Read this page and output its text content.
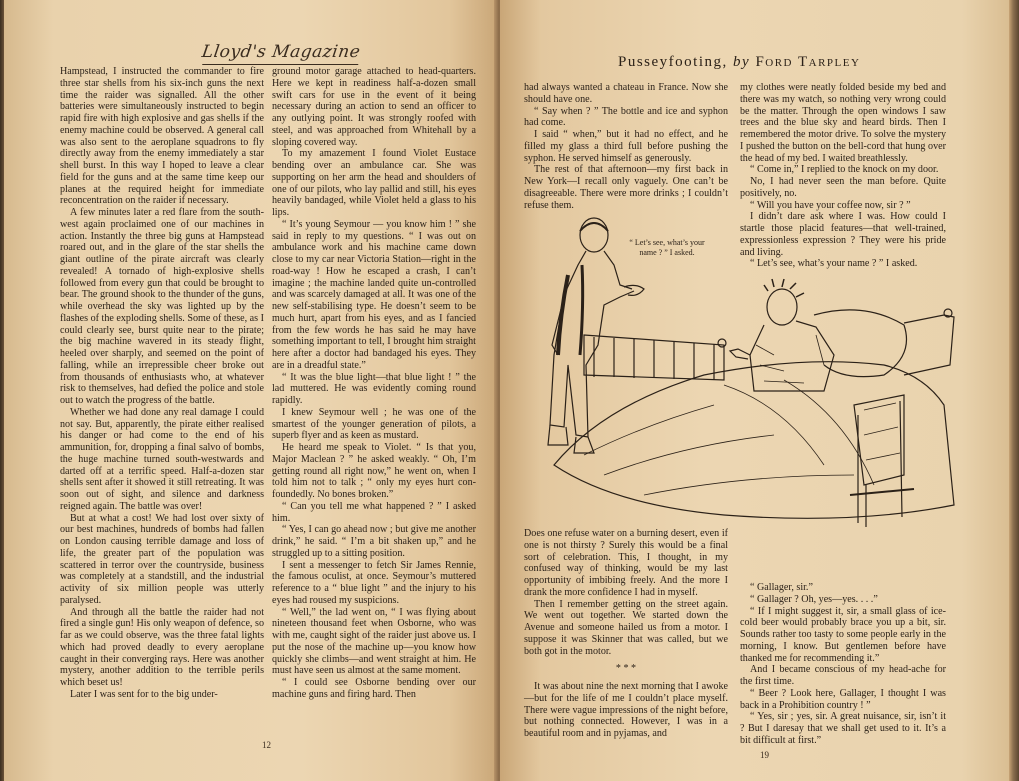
Lloyd's Magazine

Hampstead, I instructed the commander to fire three star shells from his six-inch guns the next time the raider was signalled. All the other batteries were simultaneously instructed to begin rapid fire with high explosive and gas shells if the enemy machine could be observed. A general call was also sent to the aeroplane squadrons to fly directly away from the enemy immediately a star shell burst. In this way I hoped to leave a clear field for the guns and at the same time keep our planes at the required height for immediate reconcentration on the raider if necessary.

A few minutes later a red flare from the south-west again proclaimed one of our machines in action. Instantly the three big guns at Hampstead roared out, and in the glare of the star shells the giant outline of the pirate aircraft was clearly revealed! A tornado of high-explosive shells followed from every gun that could be brought to bear. The ground shook to the thunder of the guns, while overhead the sky was lighted up by the flashes of the exploding shells. Some of these, as I could clearly see, burst quite near to the pirate; the big machine wavered in its steady flight, heeled over sharply, and seemed on the point of falling, while an irrepressible cheer broke out from thousands of enthusiasts who, at whatever risk to themselves, had defied the police and stole out to watch the progress of the battle.

Whether we had done any real damage I could not say. But, apparently, the pirate either realised his danger or had come to the end of his ammunition, for, dropping a final salvo of bombs, the huge machine turned south-westwards and darted off at a terrific speed. Half-a-dozen star shells sent after it showed it still retreating. It was soon out of sight, and silence and darkness reigned again. The battle was over!

But at what a cost! We had lost over sixty of our best machines, hundreds of bombs had fallen on London causing terrible damage and loss of life, the greater part of the population was scattered in terror over the countryside, business was completely at a standstill, and the industrial activity of six million people was utterly paralysed.

And through all the battle the raider had not fired a single gun! His only weapon of defence, so far as we could observe, was the three fatal lights which had proved deadly to every aeroplane caught in their converging rays. Here was another mystery, another addition to the terrible perils which beset us!

Later I was sent for to the big under-

ground motor garage attached to head-quarters. Here we kept in readiness half-a-dozen small swift cars for use in the event of it being necessary during an action to send an officer to any outlying point. It was strongly roofed with steel, and was approached from Whitehall by a sloping covered way.

To my amazement I found Violet Eustace bending over an ambulance car. She was supporting on her arm the head and shoulders of one of our pilots, who lay pallid and still, his eyes heavily bandaged, while Violet held a glass to his lips.

“ It’s young Seymour — you know him ! ” she said in reply to my questions. “ I was out on ambulance work and his machine came down close to my car near Victoria Station—right in the road-way ! How he escaped a crash, I can’t imagine ; the machine landed quite un-controlled and was scarcely damaged at all. It was one of the new self-stabilising type. He doesn’t seem to be much hurt, apart from his eyes, and as I fancied from the few words he has said he may have something important to tell, I brought him straight here after a doctor had bandaged his eyes. They are in a dreadful state.”

“ It was the blue light—that blue light ! ” the lad muttered. He was evidently coming round rapidly.

I knew Seymour well ; he was one of the smartest of the younger generation of pilots, a superb flyer and as keen as mustard.

He heard me speak to Violet. “ Is that you, Major Maclean ? ” he asked weakly. “ Oh, I’m getting round all right now,” he went on, when I told him not to talk ; “ only my eyes hurt con-foundedly. No bones broken.”

“ Can you tell me what happened ? ” I asked him.

“ Yes, I can go ahead now ; but give me another drink,” he said. “ I’m a bit shaken up,” and he struggled up to a sitting position.

I sent a messenger to fetch Sir James Rennie, the famous oculist, at once. Seymour’s muttered reference to a “ blue light ” and the injury to his eyes had roused my suspicions.

“ Well,” the lad went on, “ I was flying about nineteen thousand feet when Osborne, who was with me, caught sight of the raider just above us. I put the nose of the machine up—you know how quickly she climbs—and went straight at him. He must have seen us almost at the same moment.

“ I could see Osborne bending over our machine guns and firing hard. Then

12
Pusseyfooting, by Ford Tarpley

had always wanted a chateau in France. Now she should have one.

“ Say when ? ” The bottle and ice and syphon had come.

I said “ when,” but it had no effect, and he filled my glass a third full before pushing the syphon. He served himself as generously.

The rest of that afternoon—my first back in New York—I recall only vaguely. One can’t be disagreeable. There were more drinks ; I couldn’t refuse them.

my clothes were neatly folded beside my bed and there was my watch, so nothing very wrong could be the matter. Through the open windows I saw trees and the blue sky and heard birds. Then I remembered the motor drive. To solve the mystery I pushed the button on the bell-cord that hung over the head of my bed. I waited breathlessly.

“ Come in,” I replied to the knock on my door.

No, I had never seen the man before. Quite positively, no.

“ Will you have your coffee now, sir ? ”

I didn’t dare ask where I was. How could I startle those placid features—that well-trained, expressionless expression ? They were his pride and living.

“ Let’s see, what’s your name ? ” I asked.

“ Let’s see, what’s your name ? ” I asked.

Does one refuse water on a burning desert, even if one is not thirsty ? Surely this would be a final sort of celebration. This, I thought, in my confused way of thinking, would be my last opportunity of imbibing freely. And the more I drank the more confidence I had in myself.

Then I remember getting on the street again. We went out together. We started down the Avenue and someone hailed us from a motor. I suppose it was Skinner that was called, but we both got in the motor.

* * *

It was about nine the next morning that I awoke—but for the life of me I couldn’t place myself. There were vague impressions of the night before, but nothing connected. However, I was in a beautiful room and in pyjamas, and

“ Gallager, sir.”

“ Gallager ? Oh, yes—yes. . . .”

“ If I might suggest it, sir, a small glass of ice-cold beer would probably brace you up a bit, sir. Sounds rather too tasty to some people early in the morning, I know. But gentlemen before have thanked me for recommending it.”

And I became conscious of my head-ache for the first time.

“ Beer ? Look here, Gallager, I thought I was back in a Prohibition country ! ”

“ Yes, sir ; yes, sir. A great nuisance, sir, isn’t it ? But I daresay that we shall get used to it. It’s a bit difficult at first.”

19
